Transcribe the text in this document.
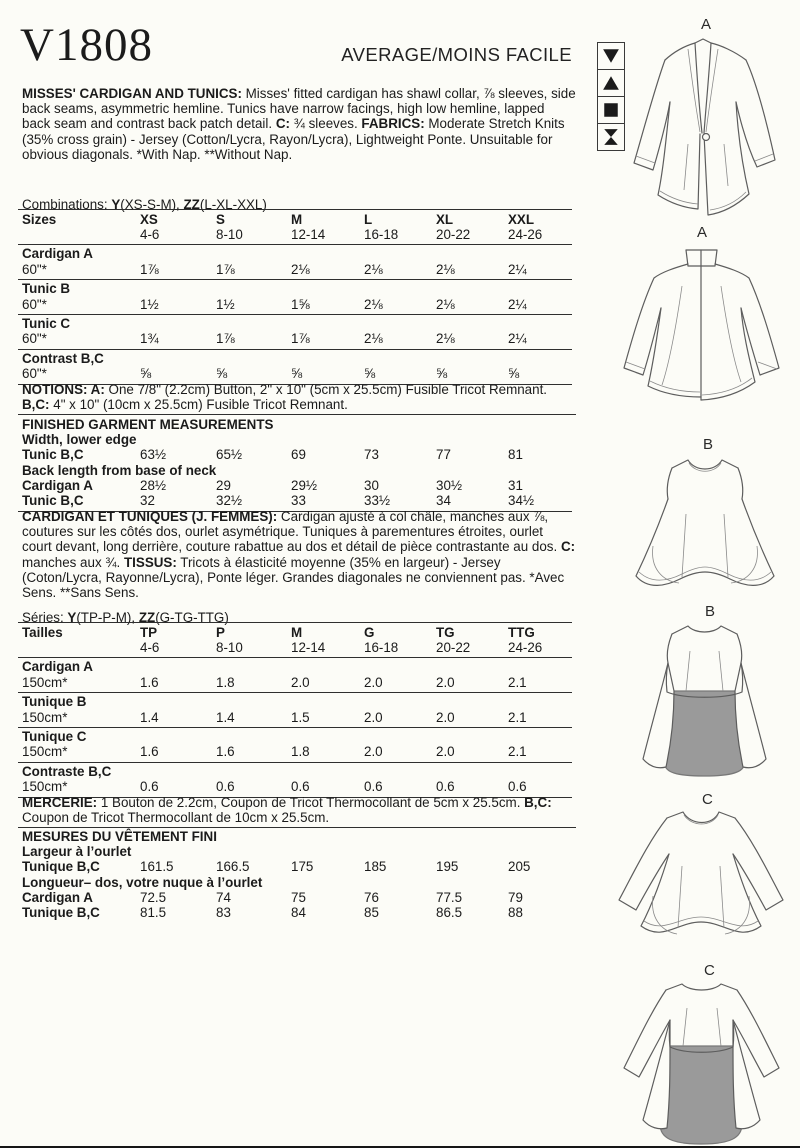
V1808	AVERAGE/MOINS FACILE
MISSES' CARDIGAN AND TUNICS: Misses' fitted cardigan has shawl collar, ⅞ sleeves, side back seams, asymmetric hemline. Tunics have narrow facings, high low hemline, lapped back seam and contrast back patch detail. C: ¾ sleeves. FABRICS: Moderate Stretch Knits (35% cross grain) - Jersey (Cotton/Lycra, Rayon/Lycra), Lightweight Ponte. Unsuitable for obvious diagonals. *With Nap. **Without Nap.
Combinations: Y(XS-S-M), ZZ(L-XL-XXL)
Sizes	XS	S	M	L	XL	XXL
4-6	8-10	12-14	16-18	20-22	24-26
Cardigan A
60"*	1⅞	1⅞	2⅛	2⅛	2⅛	2¼
Tunic B
60"*	1½	1½	1⅝	2⅛	2⅛	2¼
Tunic C
60"*	1¾	1⅞	1⅞	2⅛	2⅛	2¼
Contrast B,C
60"*	⅝	⅝	⅝	⅝	⅝	⅝
NOTIONS: A: One 7/8" (2.2cm) Button, 2" x 10" (5cm x 25.5cm) Fusible Tricot Remnant. B,C: 4" x 10" (10cm x 25.5cm) Fusible Tricot Remnant.
FINISHED GARMENT MEASUREMENTS
Width, lower edge
Tunic B,C	63½	65½	69	73	77	81
Back length from base of neck
Cardigan A	28½	29	29½	30	30½	31
Tunic B,C	32	32½	33	33½	34	34½
CARDIGAN ET TUNIQUES (J. FEMMES): Cardigan ajusté à col châle, manches aux ⅞, coutures sur les côtés dos, ourlet asymétrique. Tuniques à parementures étroites, ourlet court devant, long derrière, couture rabattue au dos et détail de pièce contrastante au dos. C: manches aux ¾. TISSUS: Tricots à élasticité moyenne (35% en largeur) - Jersey (Coton/Lycra, Rayonne/Lycra), Ponte léger. Grandes diagonales ne conviennent pas. *Avec Sens. **Sans Sens.
Séries: Y(TP-P-M), ZZ(G-TG-TTG)
Tailles	TP	P	M	G	TG	TTG
4-6	8-10	12-14	16-18	20-22	24-26
Cardigan A
150cm*	1.6	1.8	2.0	2.0	2.0	2.1
Tunique B
150cm*	1.4	1.4	1.5	2.0	2.0	2.1
Tunique C
150cm*	1.6	1.6	1.8	2.0	2.0	2.1
Contraste B,C
150cm*	0.6	0.6	0.6	0.6	0.6	0.6
MERCERIE: 1 Bouton de 2.2cm, Coupon de Tricot Thermocollant de 5cm x 25.5cm. B,C: Coupon de Tricot Thermocollant de 10cm x 25.5cm.
MESURES DU VÊTEMENT FINI
Largeur à l’ourlet
Tunique B,C	161.5	166.5	175	185	195	205
Longueur– dos, votre nuque à l’ourlet
Cardigan A	72.5	74	75	76	77.5	79
Tunique B,C	81.5	83	84	85	86.5	88
A
A
B
B
C
C
